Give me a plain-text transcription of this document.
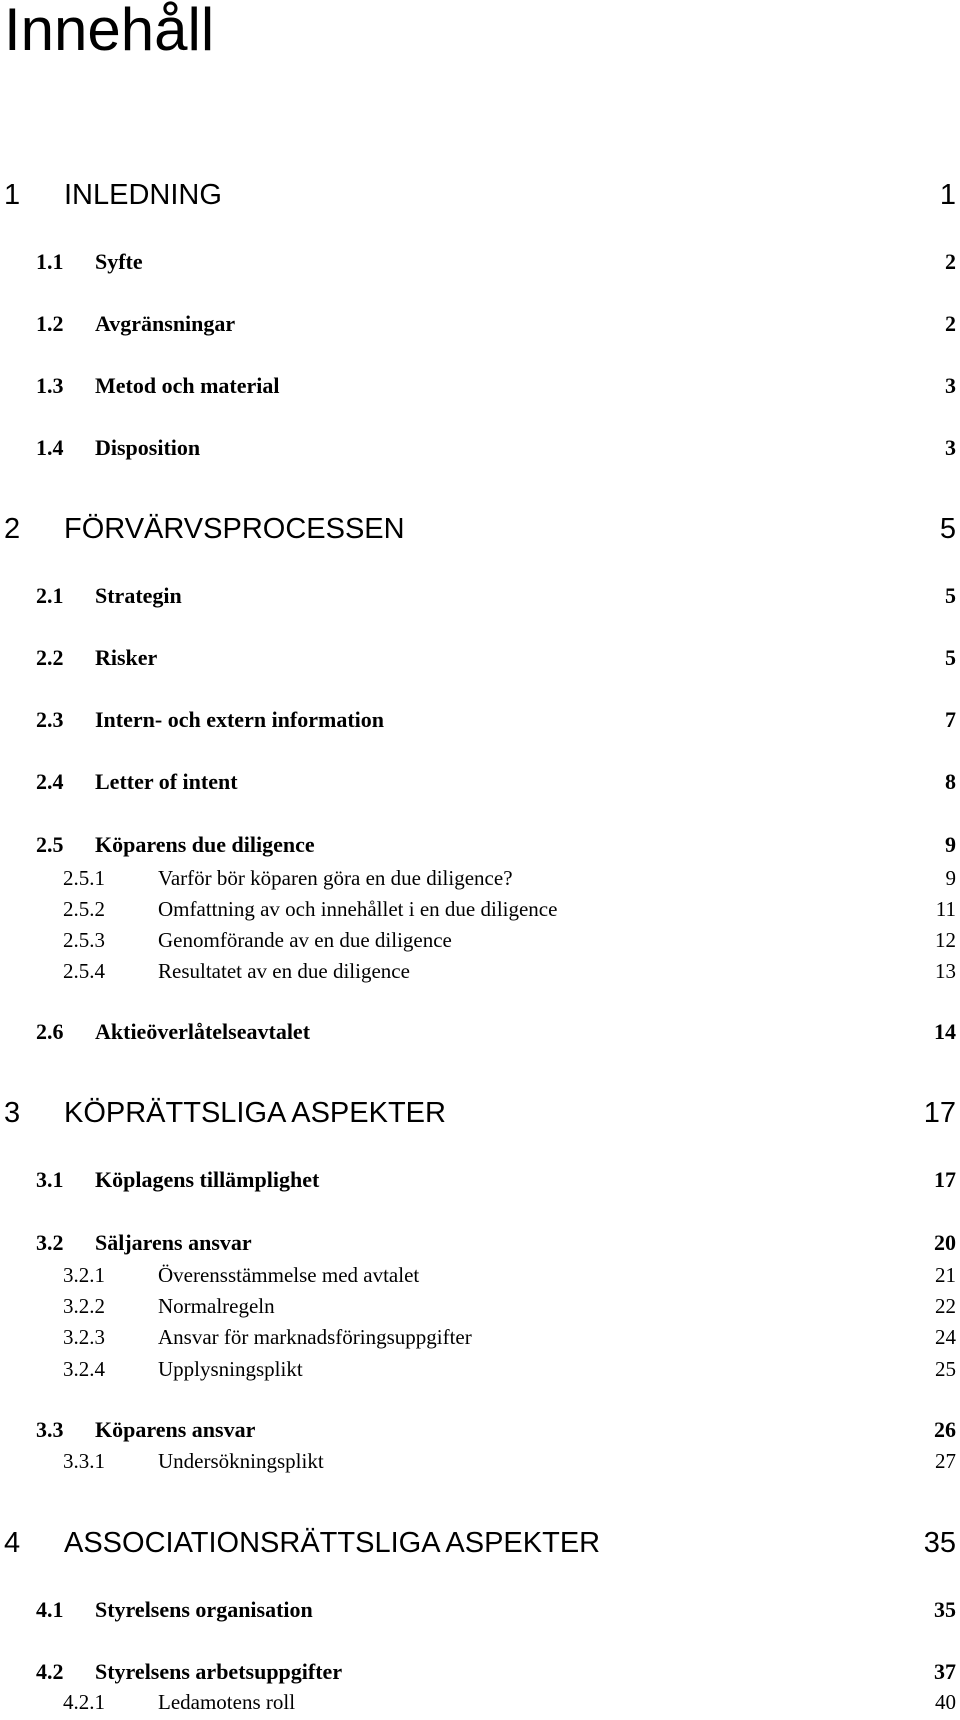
Innehåll
1 INLEDNING	1
1.1 Syfte	2
1.2 Avgränsningar	2
1.3 Metod och material	3
1.4 Disposition	3
2 FÖRVÄRVSPROCESSEN	5
2.1 Strategin	5
2.2 Risker	5
2.3 Intern- och extern information	7
2.4 Letter of intent	8
2.5 Köparens due diligence	9
2.5.1	Varför bör köparen göra en due diligence?	9
2.5.2	Omfattning av och innehållet i en due diligence	11
2.5.3	Genomförande av en due diligence	12
2.5.4	Resultatet av en due diligence	13
2.6 Aktieöverlåtelseavtalet	14
3 KÖPRÄTTSLIGA ASPEKTER	17
3.1 Köplagens tillämplighet	17
3.2 Säljarens ansvar	20
3.2.1	Överensstämmelse med avtalet	21
3.2.2	Normalregeln	22
3.2.3	Ansvar för marknadsföringsuppgifter	24
3.2.4	Upplysningsplikt	25
3.3 Köparens ansvar	26
3.3.1	Undersökningsplikt	27
4 ASSOCIATIONSRÄTTSLIGA ASPEKTER	35
4.1 Styrelsens organisation	35
4.2 Styrelsens arbetsuppgifter	37
4.2.1	Ledamotens roll	40
